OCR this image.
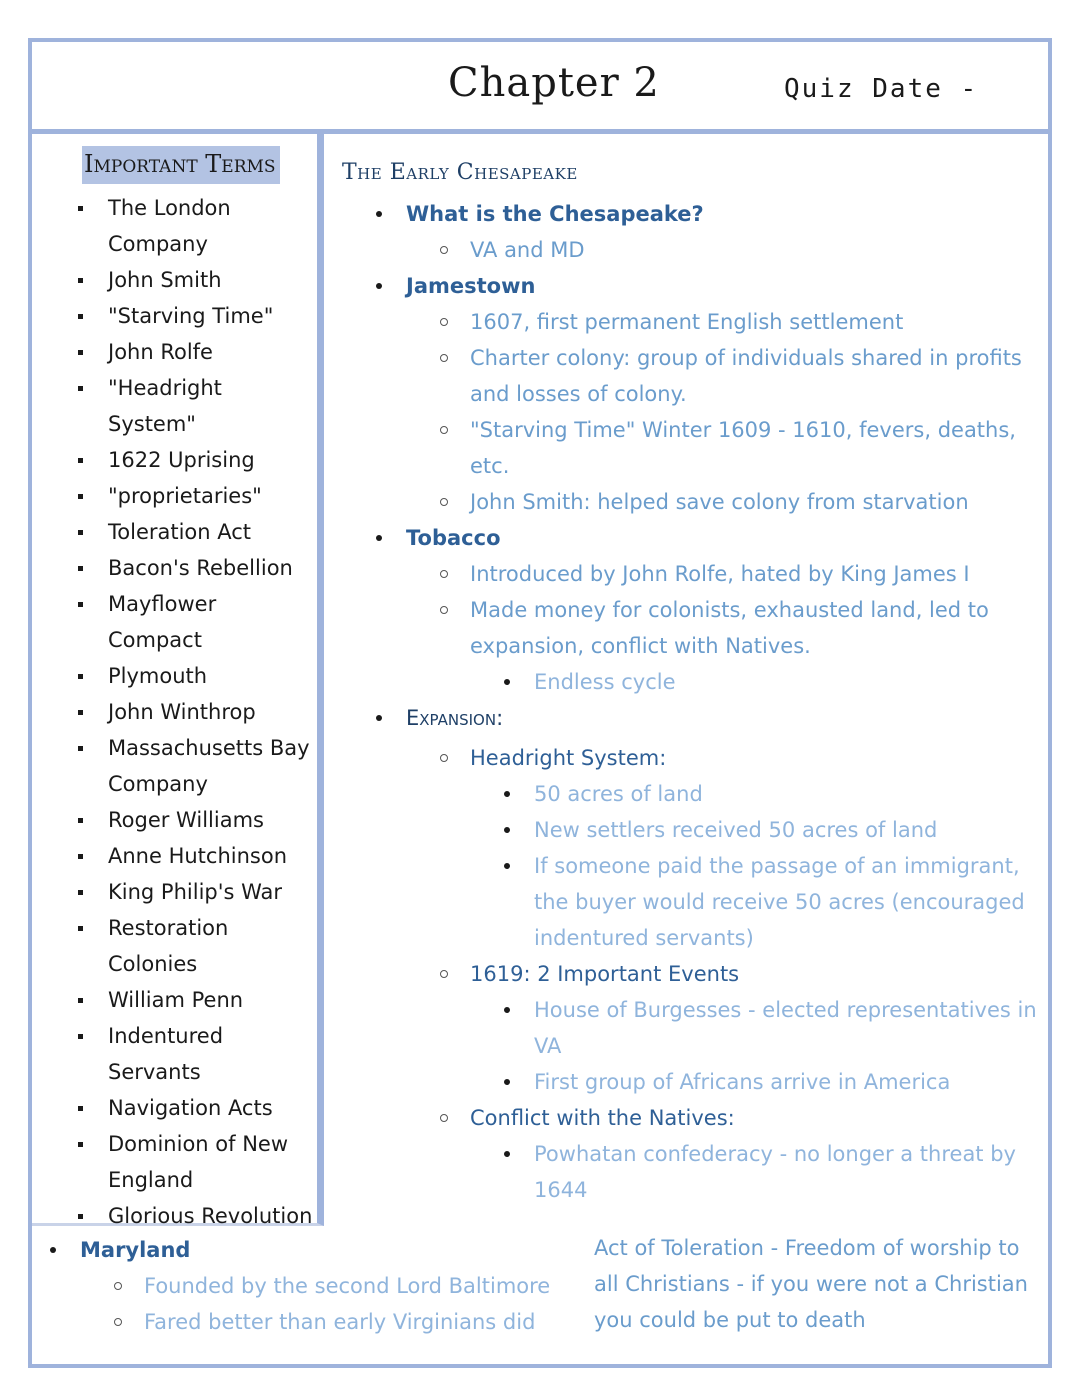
Chapter 2	Quiz Date -
Important Terms
The London Company
John Smith
"Starving Time"
John Rolfe
"Headright System"
1622 Uprising
"proprietaries"
Toleration Act
Bacon's Rebellion
Mayflower Compact
Plymouth
John Winthrop
Massachusetts Bay Company
Roger Williams
Anne Hutchinson
King Philip's War
Restoration Colonies
William Penn
Indentured Servants
Navigation Acts
Dominion of New England
Glorious Revolution
The Early Chesapeake
What is the Chesapeake?
VA and MD
Jamestown
1607, first permanent English settlement
Charter colony: group of individuals shared in profits
and losses of colony.
"Starving Time" Winter 1609 - 1610, fevers, deaths,
etc.
John Smith: helped save colony from starvation
Tobacco
Introduced by John Rolfe, hated by King James I
Made money for colonists, exhausted land, led to
expansion, conflict with Natives.
Endless cycle
Expansion:
Headright System:
50 acres of land
New settlers received 50 acres of land
If someone paid the passage of an immigrant,
the buyer would receive 50 acres (encouraged
indentured servants)
1619: 2 Important Events
House of Burgesses - elected representatives in
VA
First group of Africans arrive in America
Conflict with the Natives:
Powhatan confederacy - no longer a threat by
1644
Maryland
Founded by the second Lord Baltimore
Fared better than early Virginians did
Act of Toleration - Freedom of worship to
all Christians - if you were not a Christian
you could be put to death
